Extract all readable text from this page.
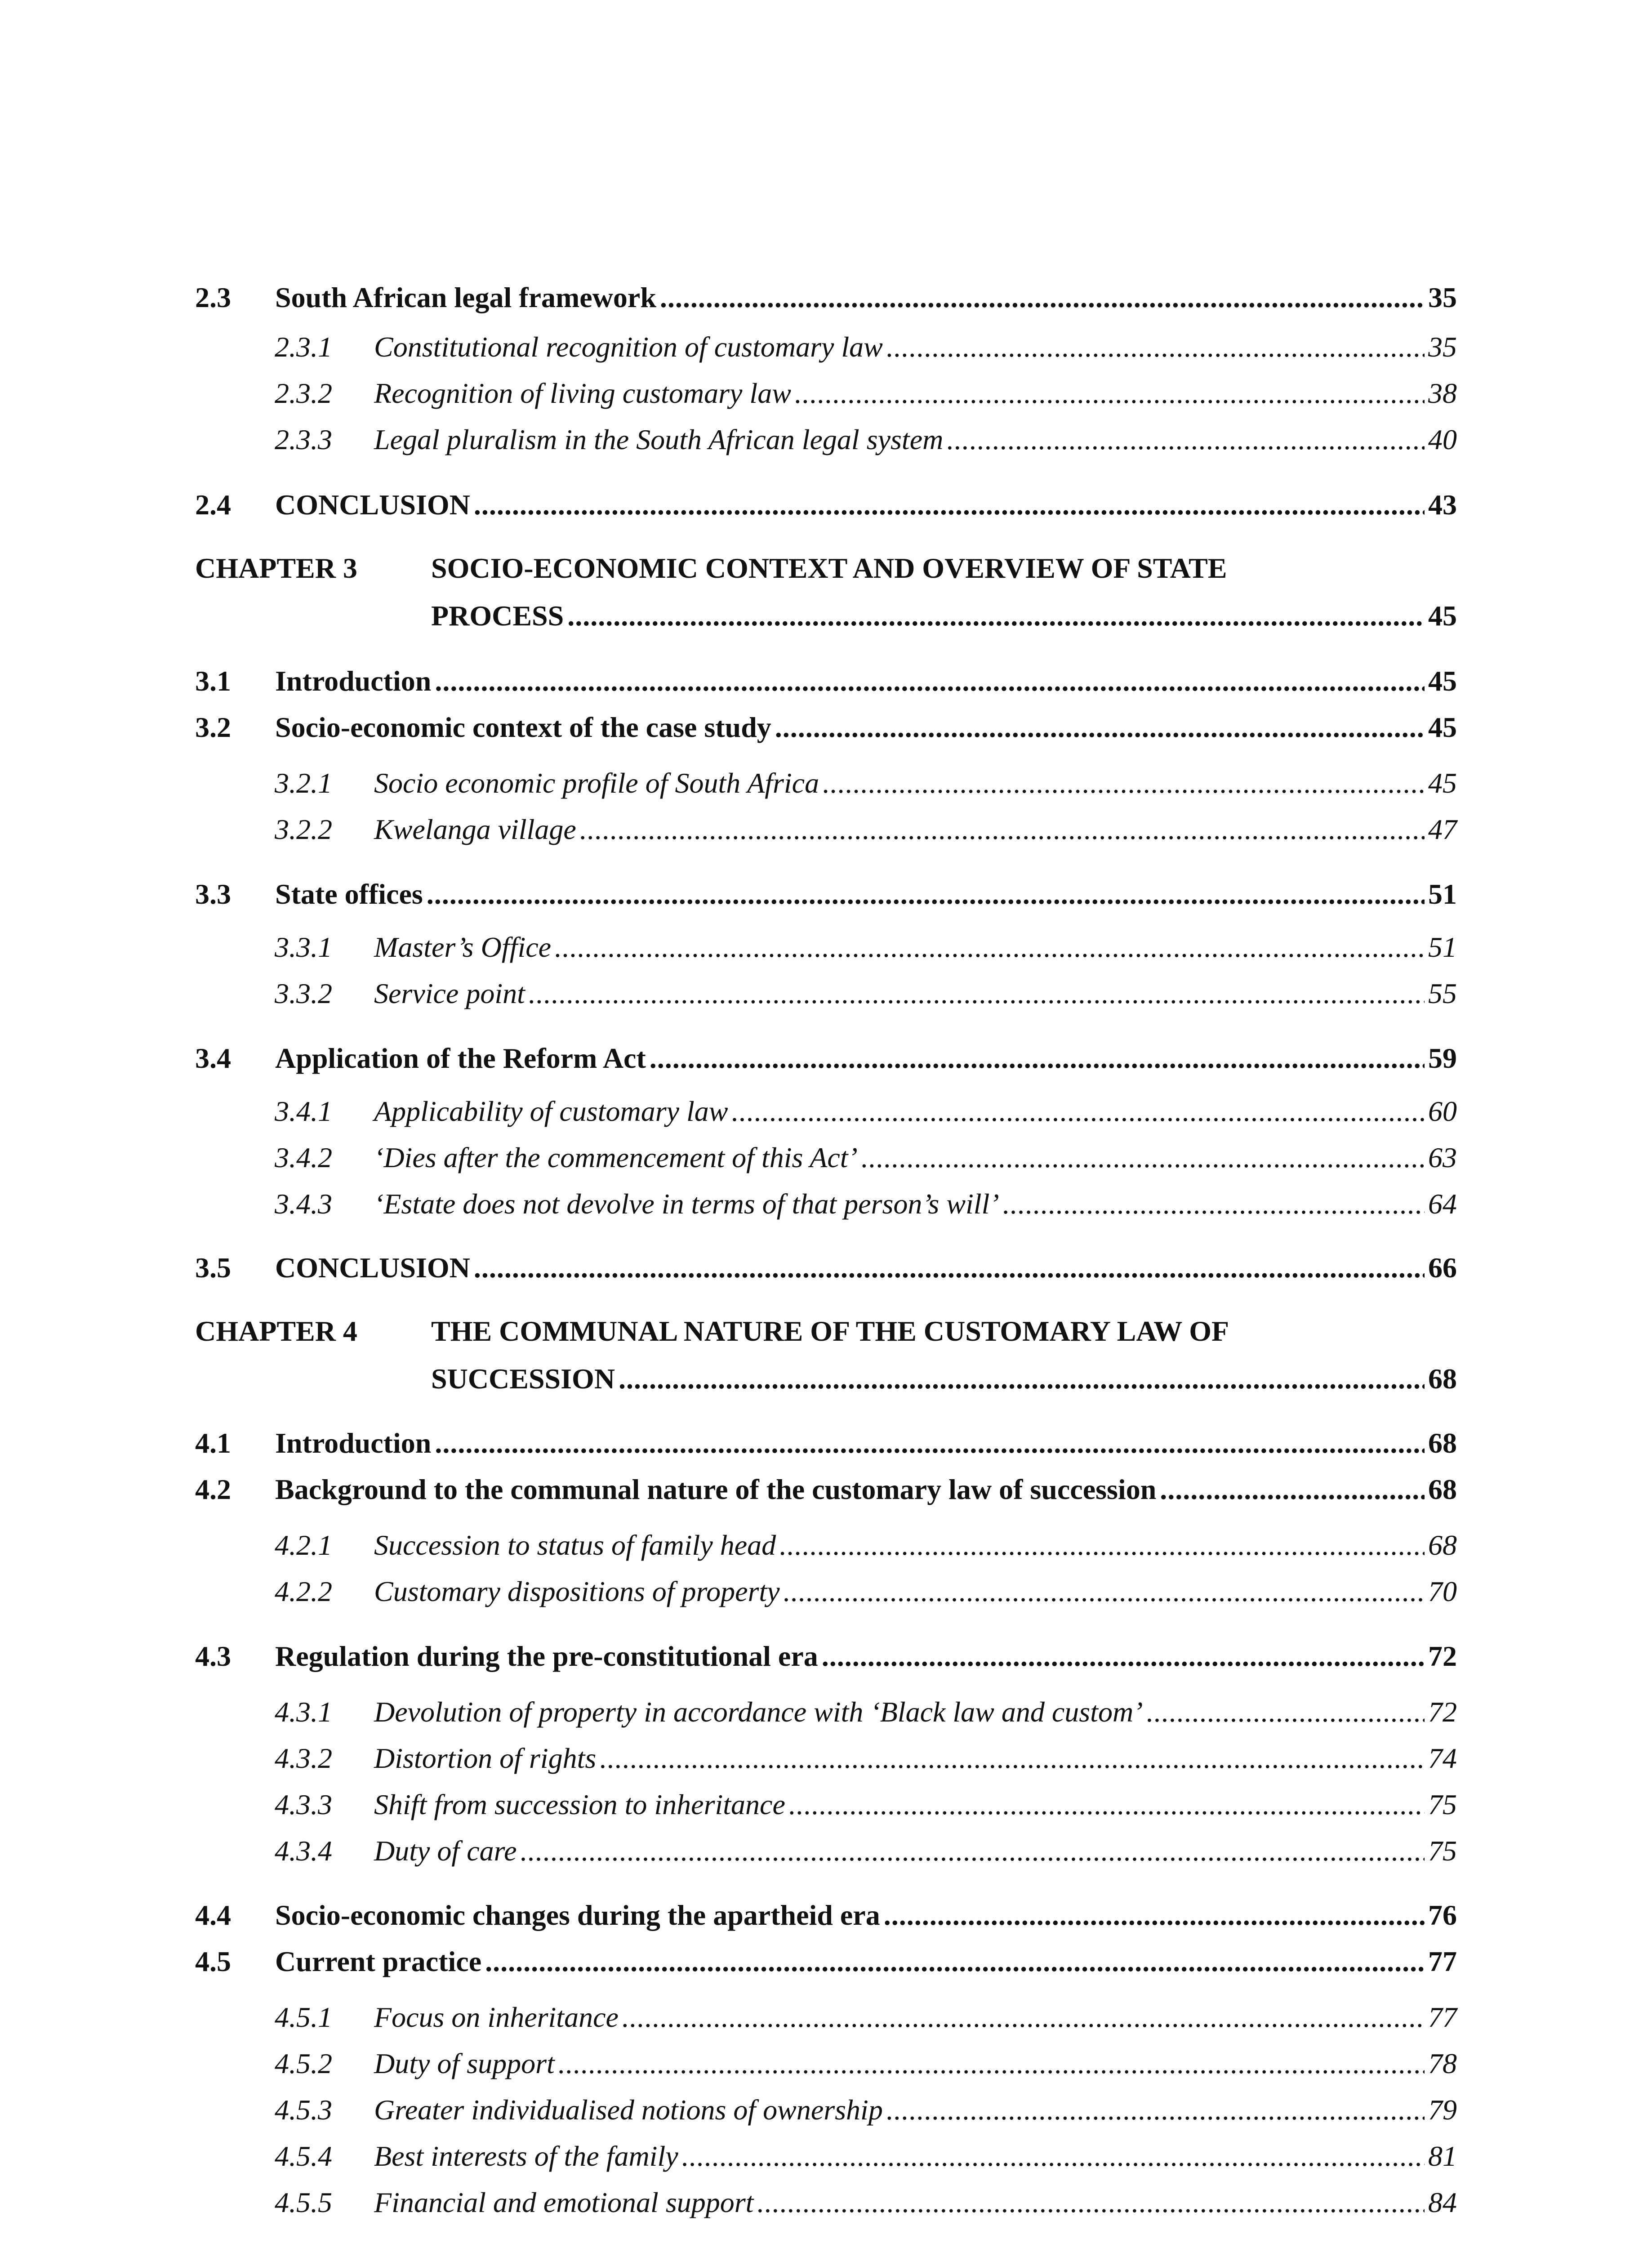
2.3	South African legal framework .....	35
2.3.1	Constitutional recognition of customary law .....	35
2.3.2	Recognition of living customary law .....	38
2.3.3	Legal pluralism in the South African legal system .....	40
2.4	CONCLUSION .....	43
CHAPTER 3	SOCIO-ECONOMIC CONTEXT AND OVERVIEW OF STATE
PROCESS .....	45
3.1	Introduction .....	45
3.2	Socio-economic context of the case study .....	45
3.2.1	Socio economic profile of South Africa .....	45
3.2.2	Kwelanga village .....	47
3.3	State offices .....	51
3.3.1	Master’s Office .....	51
3.3.2	Service point .....	55
3.4	Application of the Reform Act .....	59
3.4.1	Applicability of customary law .....	60
3.4.2	‘Dies after the commencement of this Act’ .....	63
3.4.3	‘Estate does not devolve in terms of that person’s will’ .....	64
3.5	CONCLUSION .....	66
CHAPTER 4	THE COMMUNAL NATURE OF THE CUSTOMARY LAW OF
SUCCESSION .....	68
4.1	Introduction .....	68
4.2	Background to the communal nature of the customary law of succession .....	68
4.2.1	Succession to status of family head .....	68
4.2.2	Customary dispositions of property .....	70
4.3	Regulation during the pre-constitutional era .....	72
4.3.1	Devolution of property in accordance with ‘Black law and custom’ .....	72
4.3.2	Distortion of rights .....	74
4.3.3	Shift from succession to inheritance .....	75
4.3.4	Duty of care .....	75
4.4	Socio-economic changes during the apartheid era .....	76
4.5	Current practice .....	77
4.5.1	Focus on inheritance .....	77
4.5.2	Duty of support .....	78
4.5.3	Greater individualised notions of ownership .....	79
4.5.4	Best interests of the family .....	81
4.5.5	Financial and emotional support .....	84
